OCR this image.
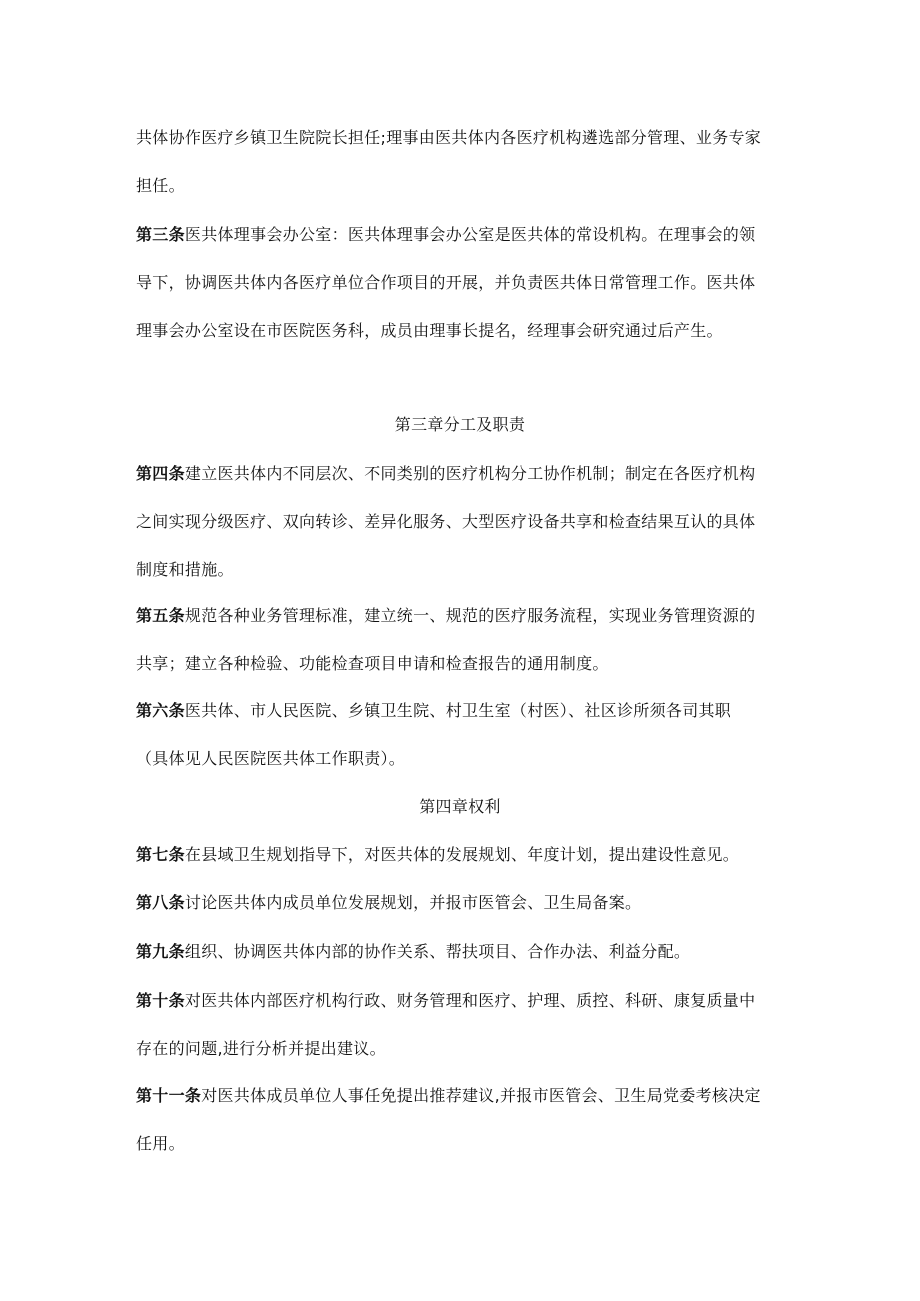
共体协作医疗乡镇卫生院院长担任;理事由医共体内各医疗机构遴选部分管理、业务专家
担任。
第三条医共体理事会办公室：医共体理事会办公室是医共体的常设机构。在理事会的领
导下，协调医共体内各医疗单位合作项目的开展，并负责医共体日常管理工作。医共体
理事会办公室设在市医院医务科，成员由理事长提名，经理事会研究通过后产生。
第三章分工及职责
第四条建立医共体内不同层次、不同类别的医疗机构分工协作机制；制定在各医疗机构
之间实现分级医疗、双向转诊、差异化服务、大型医疗设备共享和检查结果互认的具体
制度和措施。
第五条规范各种业务管理标准，建立统一、规范的医疗服务流程，实现业务管理资源的
共享；建立各种检验、功能检查项目申请和检查报告的通用制度。
第六条医共体、市人民医院、乡镇卫生院、村卫生室（村医）、社区诊所须各司其职
（具体见人民医院医共体工作职责）。
第四章权利
第七条在县域卫生规划指导下，对医共体的发展规划、年度计划，提出建设性意见。
第八条讨论医共体内成员单位发展规划，并报市医管会、卫生局备案。
第九条组织、协调医共体内部的协作关系、帮扶项目、合作办法、利益分配。
第十条对医共体内部医疗机构行政、财务管理和医疗、护理、质控、科研、康复质量中
存在的问题,进行分析并提出建议。
第十一条对医共体成员单位人事任免提出推荐建议,并报市医管会、卫生局党委考核决定
任用。
